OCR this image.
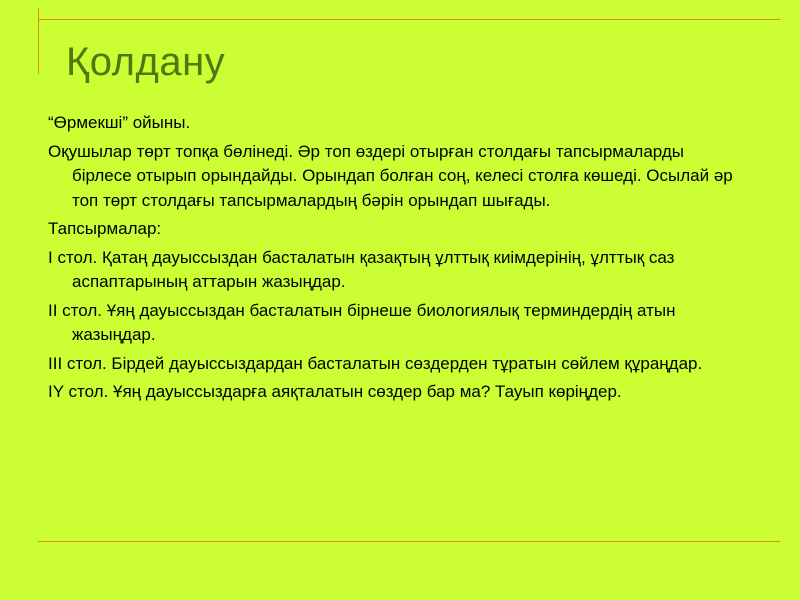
Қолдану

“Өрмекші” ойыны.

Оқушылар төрт топқа бөлінеді. Әр топ өздері отырған столдағы тапсырмаларды бірлесе отырып орындайды. Орындап болған соң, келесі столға көшеді. Осылай әр топ төрт столдағы тапсырмалардың бәрін орындап шығады.

Тапсырмалар:

I стол. Қатаң дауыссыздан басталатын қазақтың ұлттық киімдерінің, ұлттық саз аспаптарының аттарын жазыңдар.

II стол. Ұяң дауыссыздан басталатын бірнеше биологиялық терминдердің атын жазыңдар.

III стол. Бірдей дауыссыздардан басталатын сөздерден тұратын сөйлем құраңдар.

IY стол. Ұяң дауыссыздарға аяқталатын сөздер бар ма? Тауып көріңдер.
